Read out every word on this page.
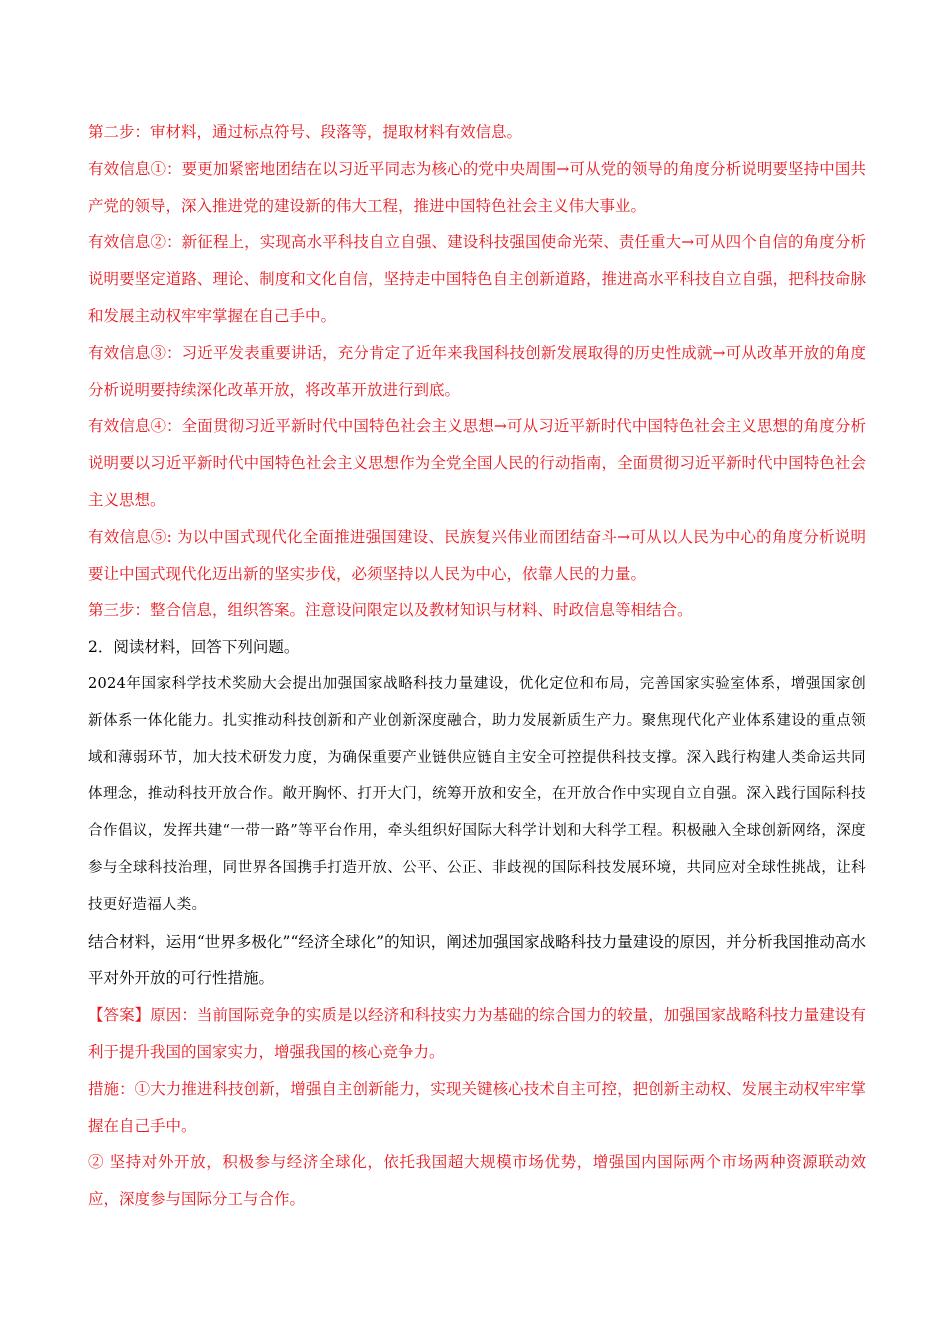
第二步：审材料，通过标点符号、段落等，提取材料有效信息。

有效信息①：要更加紧密地团结在以习近平同志为核心的党中央周围→可从党的领导的角度分析说明要坚持中国共产党的领导，深入推进党的建设新的伟大工程，推进中国特色社会主义伟大事业。

有效信息②：新征程上，实现高水平科技自立自强、建设科技强国使命光荣、责任重大→可从四个自信的角度分析说明要坚定道路、理论、制度和文化自信，坚持走中国特色自主创新道路，推进高水平科技自立自强，把科技命脉和发展主动权牢牢掌握在自己手中。

有效信息③：习近平发表重要讲话，充分肯定了近年来我国科技创新发展取得的历史性成就→可从改革开放的角度分析说明要持续深化改革开放，将改革开放进行到底。

有效信息④：全面贯彻习近平新时代中国特色社会主义思想→可从习近平新时代中国特色社会主义思想的角度分析说明要以习近平新时代中国特色社会主义思想作为全党全国人民的行动指南，全面贯彻习近平新时代中国特色社会主义思想。

有效信息⑤: 为以中国式现代化全面推进强国建设、民族复兴伟业而团结奋斗→可从以人民为中心的角度分析说明要让中国式现代化迈出新的坚实步伐，必须坚持以人民为中心，依靠人民的力量。

第三步：整合信息，组织答案。注意设问限定以及教材知识与材料、时政信息等相结合。

2．阅读材料，回答下列问题。

2024年国家科学技术奖励大会提出加强国家战略科技力量建设，优化定位和布局，完善国家实验室体系，增强国家创新体系一体化能力。扎实推动科技创新和产业创新深度融合，助力发展新质生产力。聚焦现代化产业体系建设的重点领域和薄弱环节，加大技术研发力度，为确保重要产业链供应链自主安全可控提供科技支撑。深入践行构建人类命运共同体理念，推动科技开放合作。敞开胸怀、打开大门，统筹开放和安全，在开放合作中实现自立自强。深入践行国际科技合作倡议，发挥共建“一带一路”等平台作用，牵头组织好国际大科学计划和大科学工程。积极融入全球创新网络，深度参与全球科技治理，同世界各国携手打造开放、公平、公正、非歧视的国际科技发展环境，共同应对全球性挑战，让科技更好造福人类。

结合材料，运用“世界多极化”“经济全球化”的知识，阐述加强国家战略科技力量建设的原因，并分析我国推动高水平对外开放的可行性措施。

【答案】原因：当前国际竞争的实质是以经济和科技实力为基础的综合国力的较量，加强国家战略科技力量建设有利于提升我国的国家实力，增强我国的核心竞争力。

措施：①大力推进科技创新，增强自主创新能力，实现关键核心技术自主可控，把创新主动权、发展主动权牢牢掌握在自己手中。

② 坚持对外开放，积极参与经济全球化，依托我国超大规模市场优势，增强国内国际两个市场两种资源联动效应，深度参与国际分工与合作。
